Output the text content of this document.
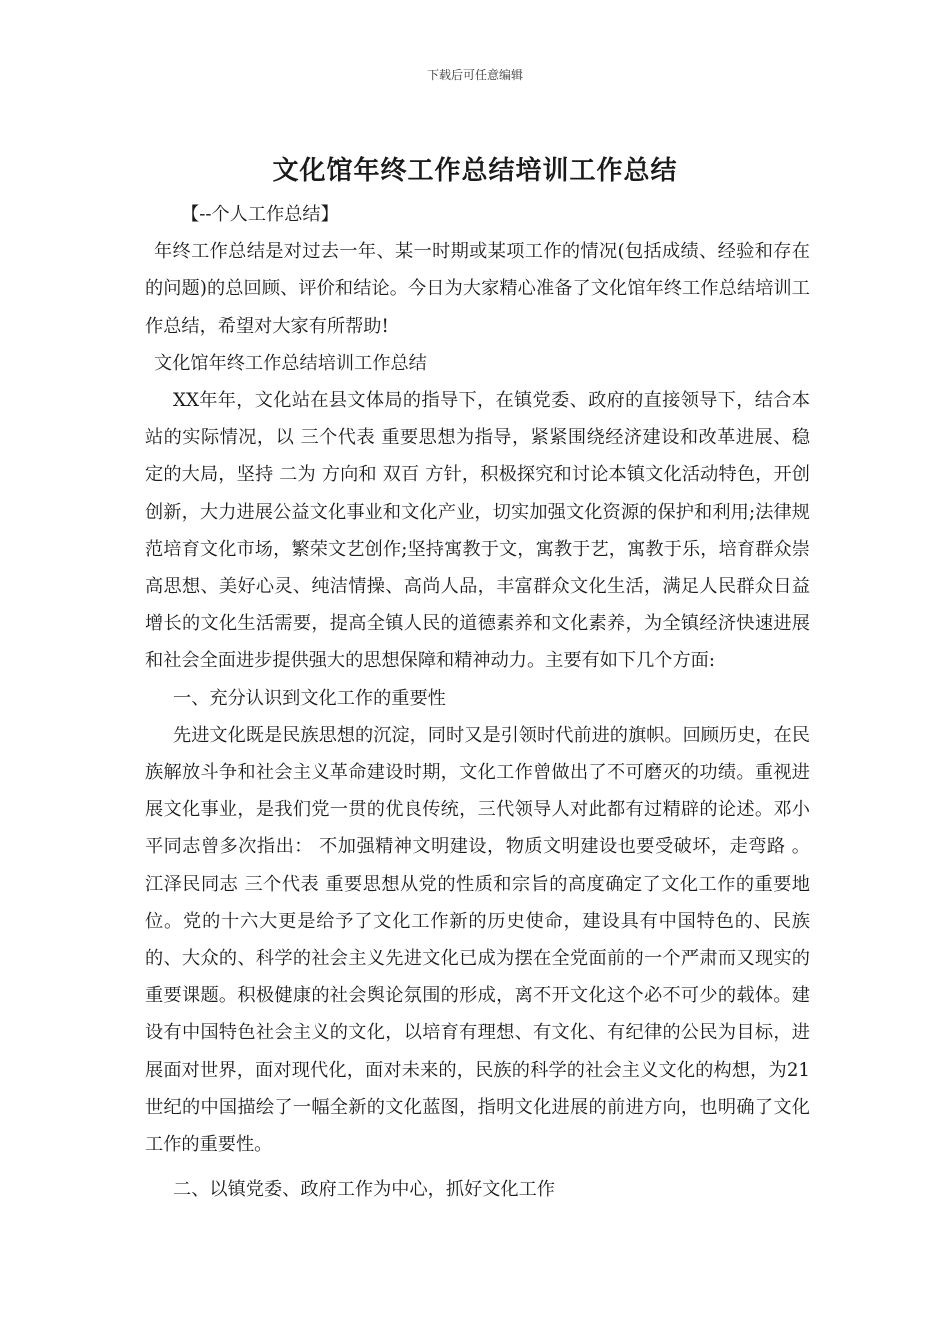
下载后可任意编辑
文化馆年终工作总结培训工作总结

【--个人工作总结】

年终工作总结是对过去一年、某一时期或某项工作的情况(包括成绩、经验和存在的问题)的总回顾、评价和结论。今日为大家精心准备了文化馆年终工作总结培训工作总结，希望对大家有所帮助!

文化馆年终工作总结培训工作总结

XX年年，文化站在县文体局的指导下，在镇党委、政府的直接领导下，结合本站的实际情况，以 三个代表 重要思想为指导，紧紧围绕经济建设和改革进展、稳定的大局，坚持 二为 方向和 双百 方针，积极探究和讨论本镇文化活动特色，开创创新，大力进展公益文化事业和文化产业，切实加强文化资源的保护和利用;法律规范培育文化市场，繁荣文艺创作;坚持寓教于文，寓教于艺，寓教于乐，培育群众崇高思想、美好心灵、纯洁情操、高尚人品，丰富群众文化生活，满足人民群众日益增长的文化生活需要，提高全镇人民的道德素养和文化素养，为全镇经济快速进展和社会全面进步提供强大的思想保障和精神动力。主要有如下几个方面:

一、充分认识到文化工作的重要性

先进文化既是民族思想的沉淀，同时又是引领时代前进的旗帜。回顾历史，在民族解放斗争和社会主义革命建设时期，文化工作曾做出了不可磨灭的功绩。重视进展文化事业，是我们党一贯的优良传统，三代领导人对此都有过精辟的论述。邓小平同志曾多次指出： 不加强精神文明建设，物质文明建设也要受破坏，走弯路 。江泽民同志 三个代表 重要思想从党的性质和宗旨的高度确定了文化工作的重要地位。党的十六大更是给予了文化工作新的历史使命，建设具有中国特色的、民族的、大众的、科学的社会主义先进文化已成为摆在全党面前的一个严肃而又现实的重要课题。积极健康的社会舆论氛围的形成，离不开文化这个必不可少的载体。建设有中国特色社会主义的文化，以培育有理想、有文化、有纪律的公民为目标，进展面对世界，面对现代化，面对未来的，民族的科学的社会主义文化的构想，为21世纪的中国描绘了一幅全新的文化蓝图，指明文化进展的前进方向，也明确了文化工作的重要性。

二、以镇党委、政府工作为中心，抓好文化工作
